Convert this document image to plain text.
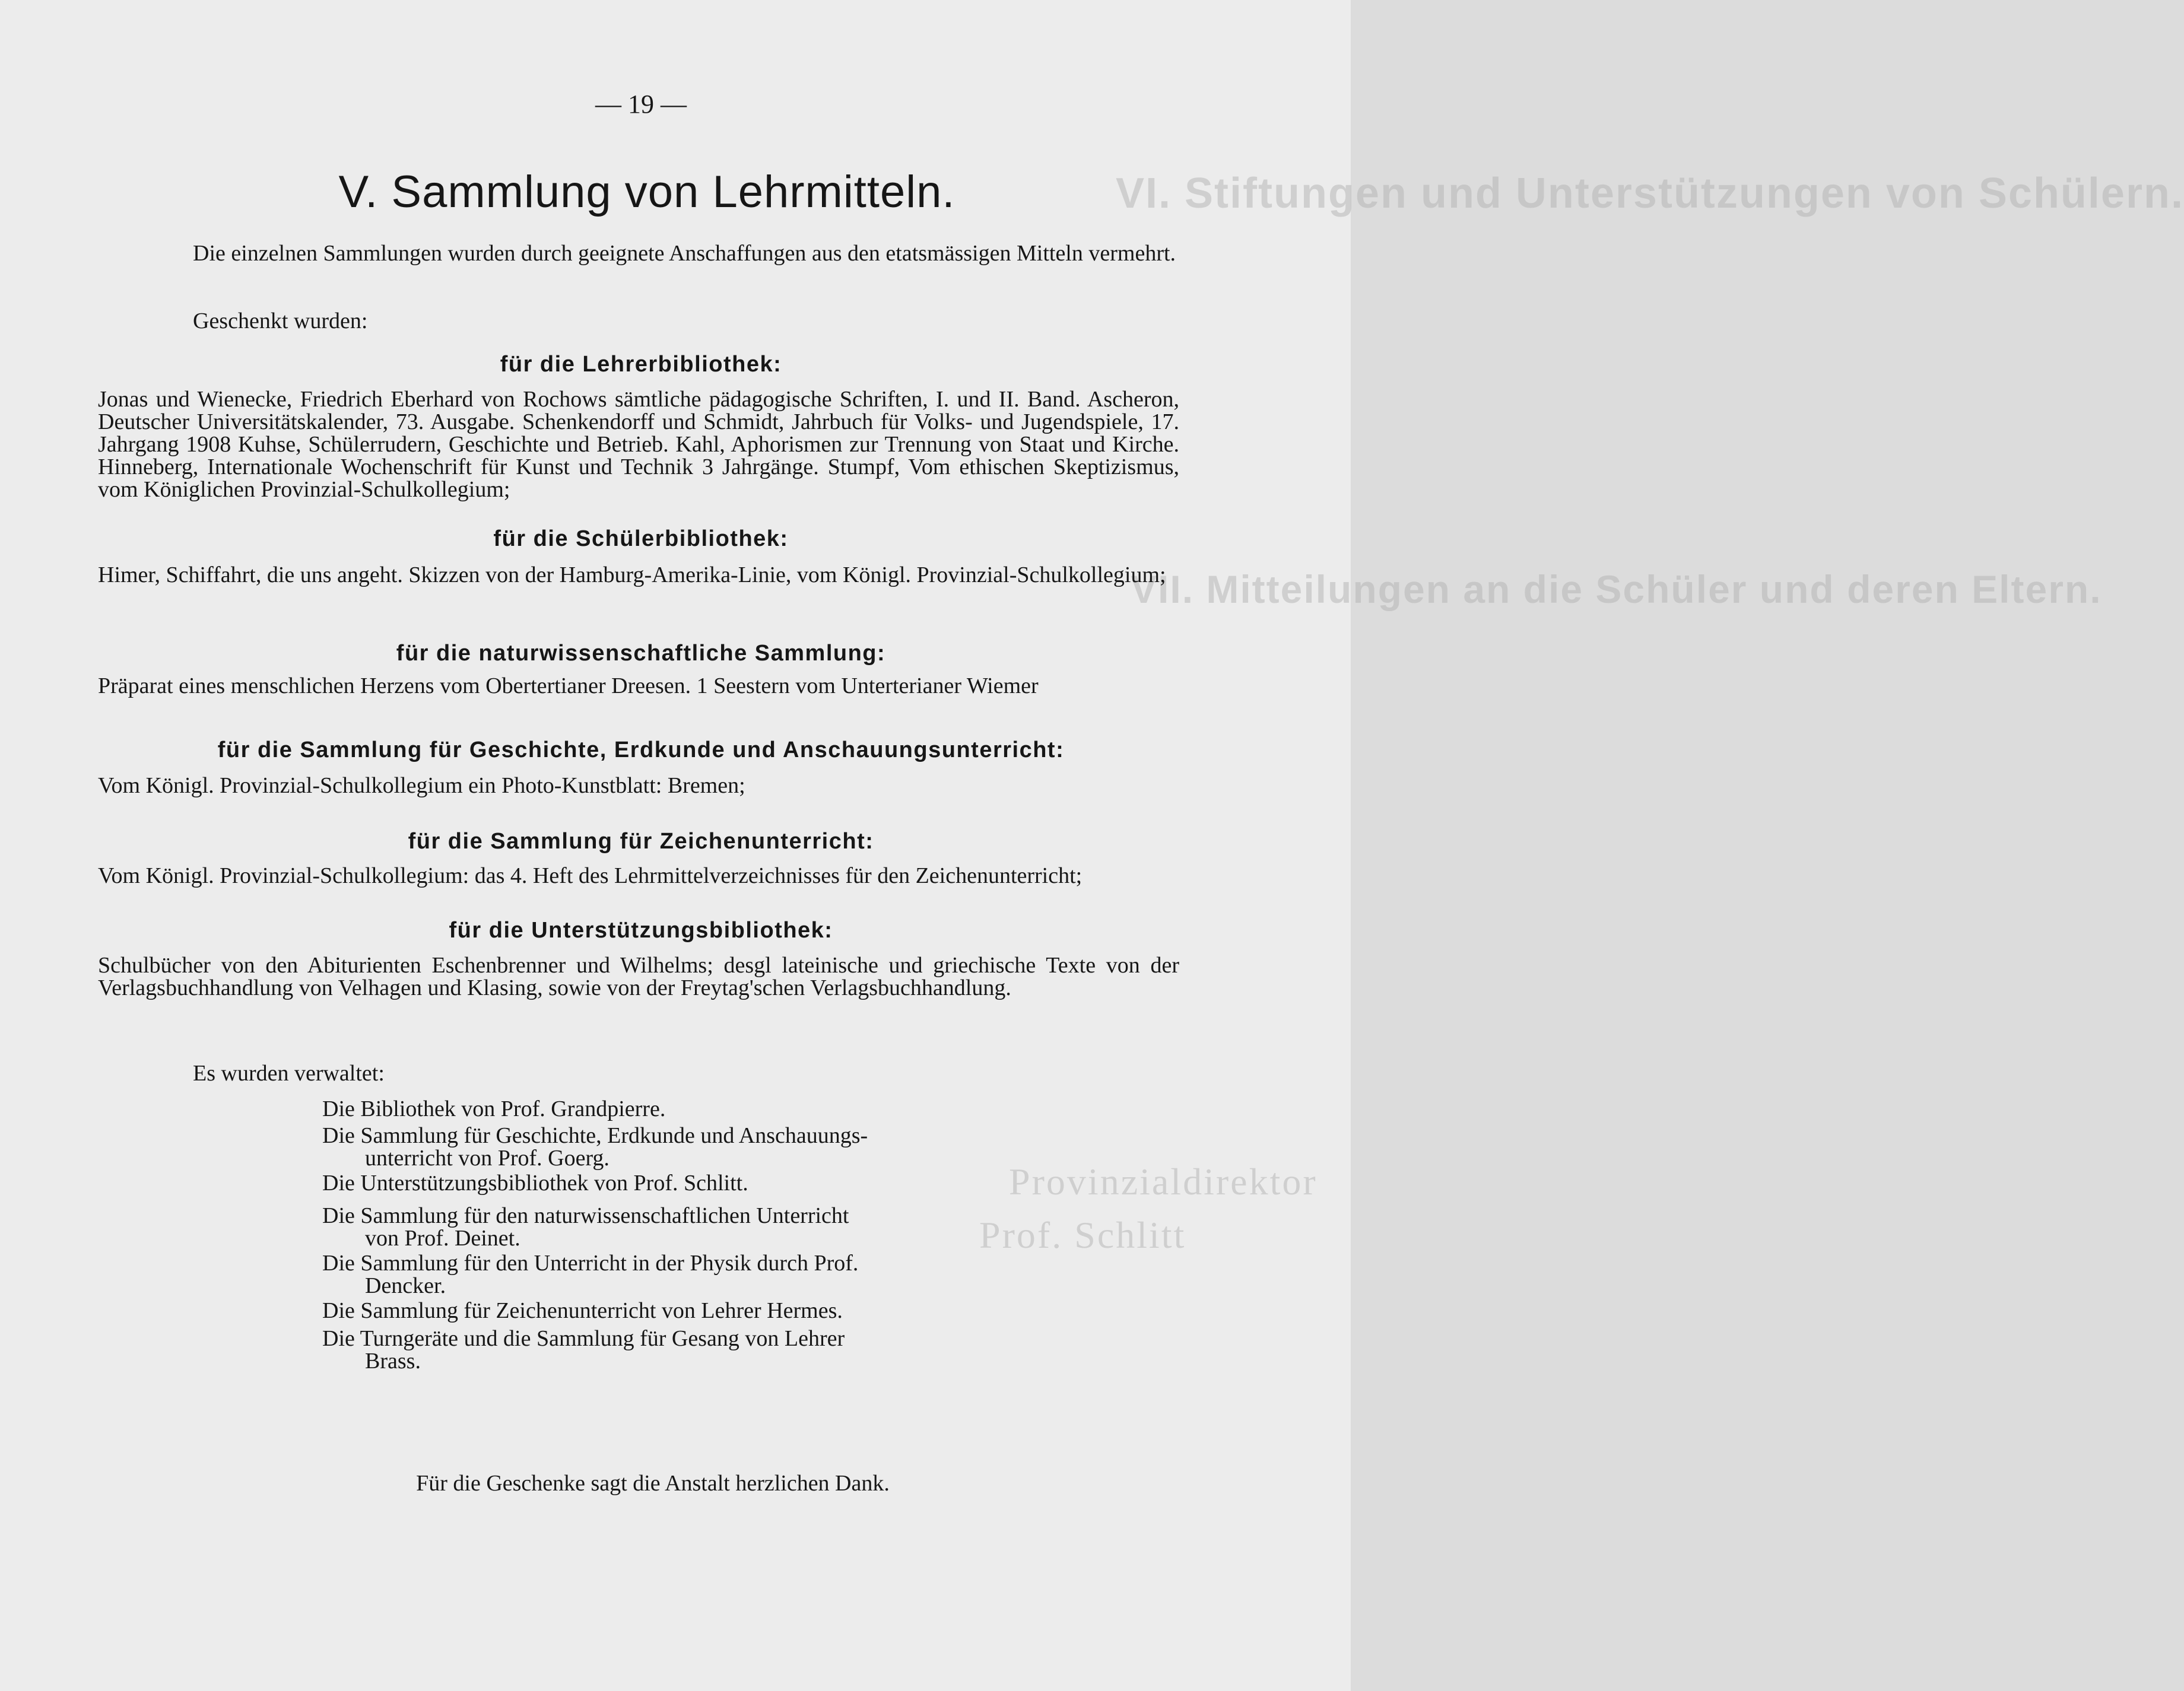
VI. Stiftungen und Unterstützungen von Schülern.
VII. Mitteilungen an die Schüler und deren Eltern.
Provinzialdirektor
Prof. Schlitt
— 19 —
V. Sammlung von Lehrmitteln.

Die einzelnen Sammlungen wurden durch geeignete Anschaffungen aus den etatsmässigen Mitteln vermehrt.

Geschenkt wurden:
für die Lehrerbibliothek:

Jonas und Wienecke, Friedrich Eberhard von Rochows sämtliche pädagogische Schriften, I. und II. Band. Ascheron, Deutscher Universitätskalender, 73. Ausgabe. Schenkendorff und Schmidt, Jahrbuch für Volks- und Jugendspiele, 17. Jahrgang 1908 Kuhse, Schülerrudern, Geschichte und Betrieb. Kahl, Aphorismen zur Trennung von Staat und Kirche. Hinneberg, Internationale Wochenschrift für Kunst und Technik 3 Jahrgänge. Stumpf, Vom ethischen Skeptizismus, vom Königlichen Provinzial-Schulkollegium;

für die Schülerbibliothek:

Himer, Schiffahrt, die uns angeht. Skizzen von der Hamburg-Amerika-Linie, vom Königl. Provinzial-Schulkollegium;

für die naturwissenschaftliche Sammlung:
Präparat eines menschlichen Herzens vom Obertertianer Dreesen. 1 Seestern vom Unterterianer Wiemer
für die Sammlung für Geschichte, Erdkunde und Anschauungsunterricht:
Vom Königl. Provinzial-Schulkollegium ein Photo-Kunstblatt: Bremen;
für die Sammlung für Zeichenunterricht:
Vom Königl. Provinzial-Schulkollegium: das 4. Heft des Lehrmittelverzeichnisses für den Zeichenunterricht;
für die Unterstützungsbibliothek:

Schulbücher von den Abiturienten Eschenbrenner und Wilhelms; desgl lateinische und griechische Texte von der Verlagsbuchhandlung von Velhagen und Klasing, sowie von der Freytag'schen Verlagsbuchhandlung.

Es wurden verwaltet:
Die Bibliothek von Prof. Grandpierre.
Die Sammlung für Geschichte, Erdkunde und Anschauungs-
unterricht von Prof. Goerg.
Die Unterstützungsbibliothek von Prof. Schlitt.
Die Sammlung für den naturwissenschaftlichen Unterricht
von Prof. Deinet.
Die Sammlung für den Unterricht in der Physik durch Prof.
Dencker.
Die Sammlung für Zeichenunterricht von Lehrer Hermes.
Die Turngeräte und die Sammlung für Gesang von Lehrer
Brass.
Für die Geschenke sagt die Anstalt herzlichen Dank.
